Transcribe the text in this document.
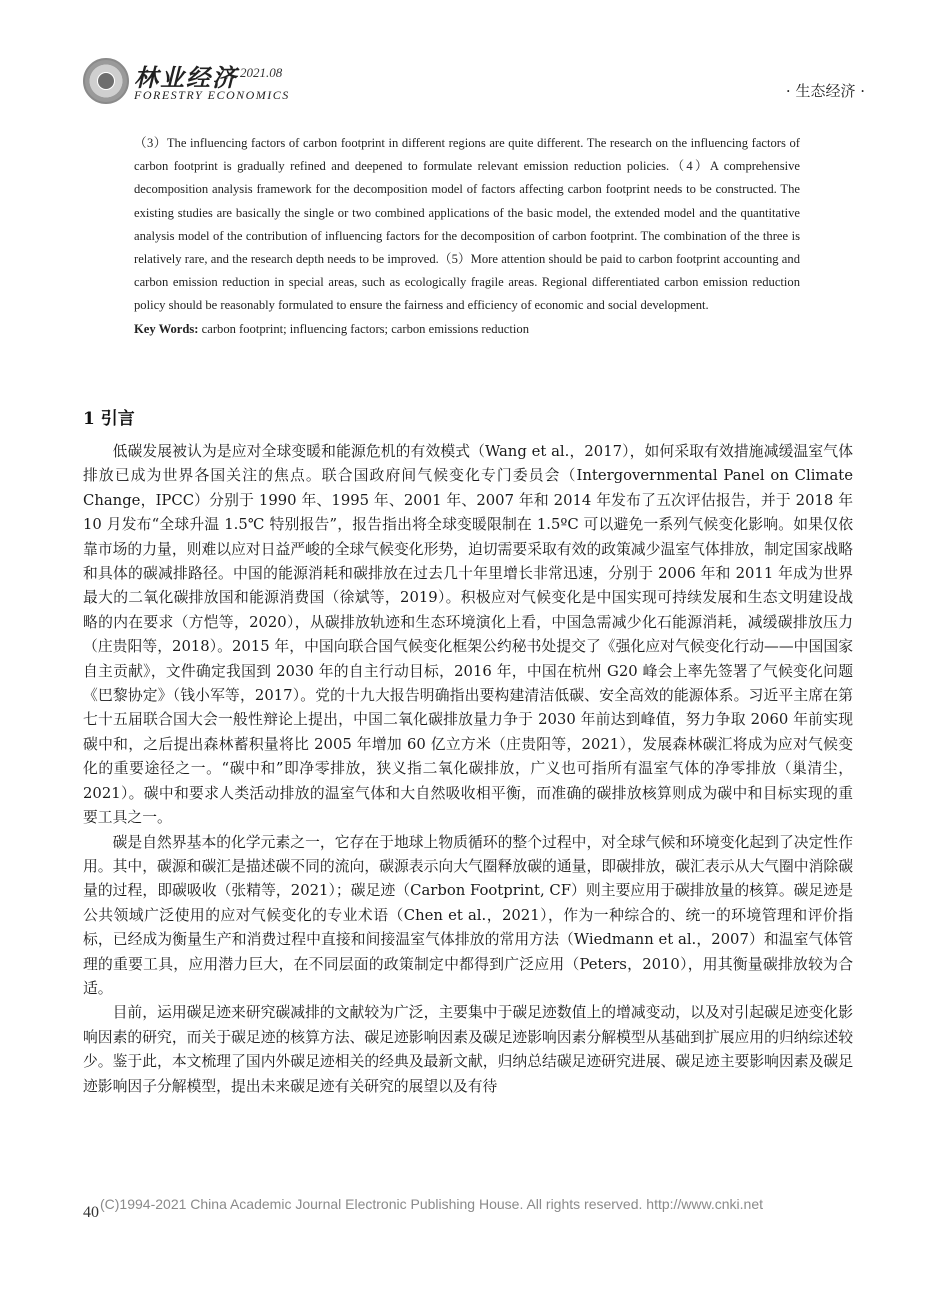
林业经济 2021.08
FORESTRY ECONOMICS	· 生态经济 ·

（3）The influencing factors of carbon footprint in different regions are quite different. The research on the influencing factors of carbon footprint is gradually refined and deepened to formulate relevant emission reduction policies.（4）A comprehensive decomposition analysis framework for the decomposition model of factors affecting carbon footprint needs to be constructed. The existing studies are basically the single or two combined applications of the basic model, the extended model and the quantitative analysis model of the contribution of influencing factors for the decomposition of carbon footprint. The combination of the three is relatively rare, and the research depth needs to be improved.（5）More attention should be paid to carbon footprint accounting and carbon emission reduction in special areas, such as ecologically fragile areas. Regional differentiated carbon emission reduction policy should be reasonably formulated to ensure the fairness and efficiency of economic and social development.

Key Words: carbon footprint; influencing factors; carbon emissions reduction

1 引言

低碳发展被认为是应对全球变暖和能源危机的有效模式（Wang et al.，2017），如何采取有效措施减缓温室气体排放已成为世界各国关注的焦点。联合国政府间气候变化专门委员会（Intergovernmental Panel on Climate Change，IPCC）分别于 1990 年、1995 年、2001 年、2007 年和 2014 年发布了五次评估报告，并于 2018 年 10 月发布“全球升温 1.5℃ 特别报告”，报告指出将全球变暖限制在 1.5ºC 可以避免一系列气候变化影响。如果仅依靠市场的力量，则难以应对日益严峻的全球气候变化形势，迫切需要采取有效的政策减少温室气体排放，制定国家战略和具体的碳减排路径。中国的能源消耗和碳排放在过去几十年里增长非常迅速，分别于 2006 年和 2011 年成为世界最大的二氧化碳排放国和能源消费国（徐斌等，2019）。积极应对气候变化是中国实现可持续发展和生态文明建设战略的内在要求（方恺等，2020），从碳排放轨迹和生态环境演化上看，中国急需减少化石能源消耗，减缓碳排放压力（庄贵阳等，2018）。2015 年，中国向联合国气候变化框架公约秘书处提交了《强化应对气候变化行动——中国国家自主贡献》，文件确定我国到 2030 年的自主行动目标，2016 年，中国在杭州 G20 峰会上率先签署了气候变化问题《巴黎协定》（钱小军等，2017）。党的十九大报告明确指出要构建清洁低碳、安全高效的能源体系。习近平主席在第七十五届联合国大会一般性辩论上提出，中国二氧化碳排放量力争于 2030 年前达到峰值，努力争取 2060 年前实现碳中和，之后提出森林蓄积量将比 2005 年增加 60 亿立方米（庄贵阳等，2021），发展森林碳汇将成为应对气候变化的重要途径之一。“碳中和”即净零排放，狭义指二氧化碳排放，广义也可指所有温室气体的净零排放（巢清尘，2021）。碳中和要求人类活动排放的温室气体和大自然吸收相平衡，而准确的碳排放核算则成为碳中和目标实现的重要工具之一。

碳是自然界基本的化学元素之一，它存在于地球上物质循环的整个过程中，对全球气候和环境变化起到了决定性作用。其中，碳源和碳汇是描述碳不同的流向，碳源表示向大气圈释放碳的通量，即碳排放，碳汇表示从大气圈中消除碳量的过程，即碳吸收（张精等，2021）；碳足迹（Carbon Footprint, CF）则主要应用于碳排放量的核算。碳足迹是公共领域广泛使用的应对气候变化的专业术语（Chen et al.，2021），作为一种综合的、统一的环境管理和评价指标，已经成为衡量生产和消费过程中直接和间接温室气体排放的常用方法（Wiedmann et al.，2007）和温室气体管理的重要工具，应用潜力巨大，在不同层面的政策制定中都得到广泛应用（Peters，2010），用其衡量碳排放较为合适。

目前，运用碳足迹来研究碳减排的文献较为广泛，主要集中于碳足迹数值上的增减变动，以及对引起碳足迹变化影响因素的研究，而关于碳足迹的核算方法、碳足迹影响因素及碳足迹影响因素分解模型从基础到扩展应用的归纳综述较少。鉴于此，本文梳理了国内外碳足迹相关的经典及最新文献，归纳总结碳足迹研究进展、碳足迹主要影响因素及碳足迹影响因子分解模型，提出未来碳足迹有关研究的展望以及有待

(C)1994-2021 China Academic Journal Electronic Publishing House. All rights reserved. http://www.cnki.net
40
